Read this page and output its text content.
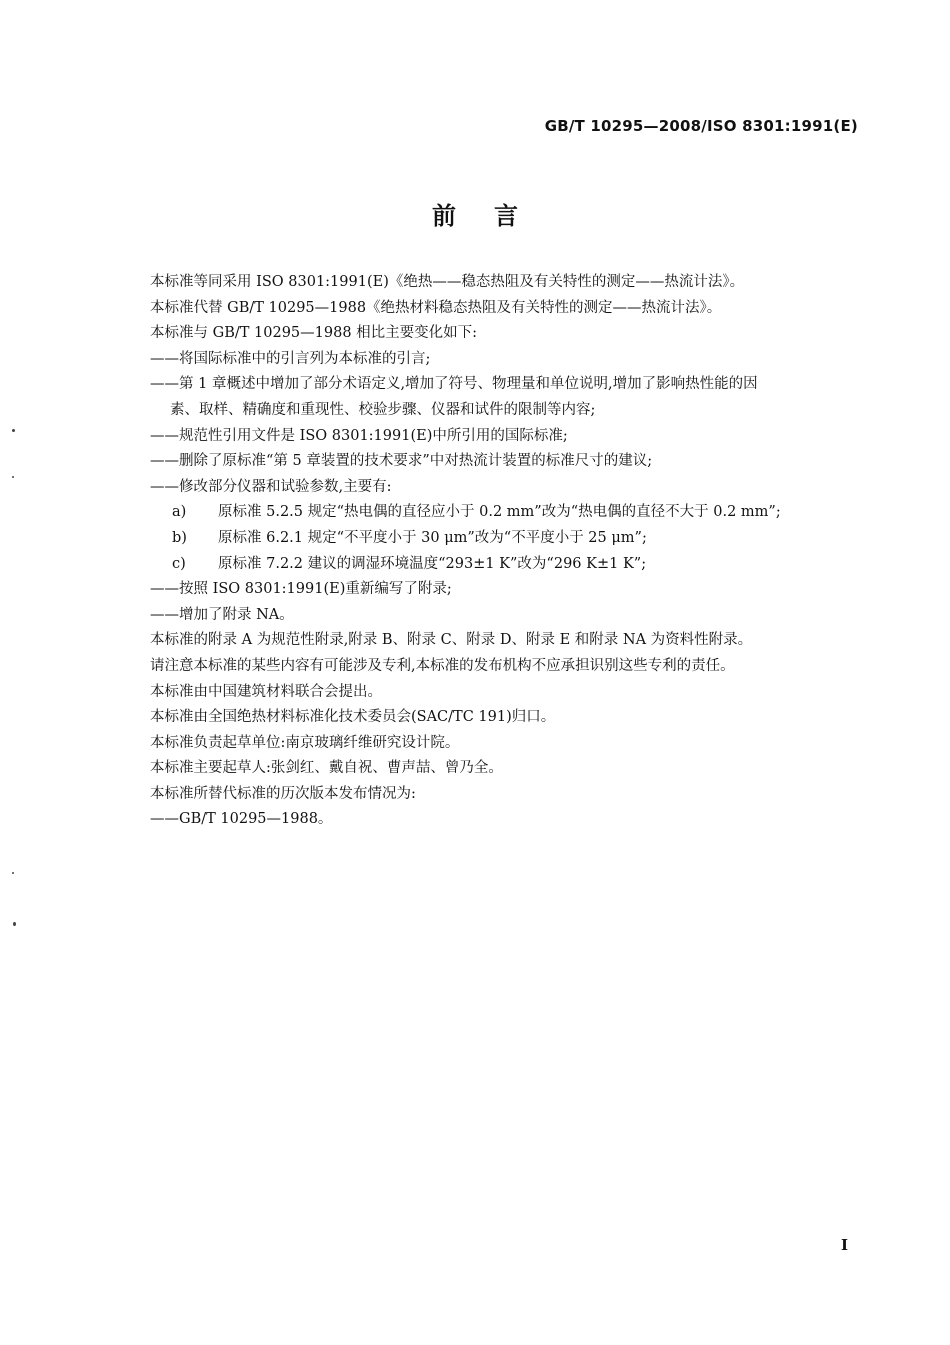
GB/T 10295—2008/ISO 8301:1991(E)
前言
本标准等同采用 ISO 8301:1991(E)《绝热——稳态热阻及有关特性的测定——热流计法》。
本标准代替 GB/T 10295—1988《绝热材料稳态热阻及有关特性的测定——热流计法》。
本标准与 GB/T 10295—1988 相比主要变化如下:
——将国际标准中的引言列为本标准的引言;
——第 1 章概述中增加了部分术语定义,增加了符号、物理量和单位说明,增加了影响热性能的因
素、取样、精确度和重现性、校验步骤、仪器和试件的限制等内容;
——规范性引用文件是 ISO 8301:1991(E)中所引用的国际标准;
——删除了原标准“第 5 章装置的技术要求”中对热流计装置的标准尺寸的建议;
——修改部分仪器和试验参数,主要有:
a) 原标准 5.2.5 规定“热电偶的直径应小于 0.2 mm”改为“热电偶的直径不大于 0.2 mm”;
b) 原标准 6.2.1 规定“不平度小于 30 μm”改为“不平度小于 25 μm”;
c) 原标准 7.2.2 建议的调湿环境温度“293±1 K”改为“296 K±1 K”;
——按照 ISO 8301:1991(E)重新编写了附录;
——增加了附录 NA。
本标准的附录 A 为规范性附录,附录 B、附录 C、附录 D、附录 E 和附录 NA 为资料性附录。
请注意本标准的某些内容有可能涉及专利,本标准的发布机构不应承担识别这些专利的责任。
本标准由中国建筑材料联合会提出。
本标准由全国绝热材料标准化技术委员会(SAC/TC 191)归口。
本标准负责起草单位:南京玻璃纤维研究设计院。
本标准主要起草人:张剑红、戴自祝、曹声喆、曾乃全。
本标准所替代标准的历次版本发布情况为:
——GB/T 10295—1988。
I
